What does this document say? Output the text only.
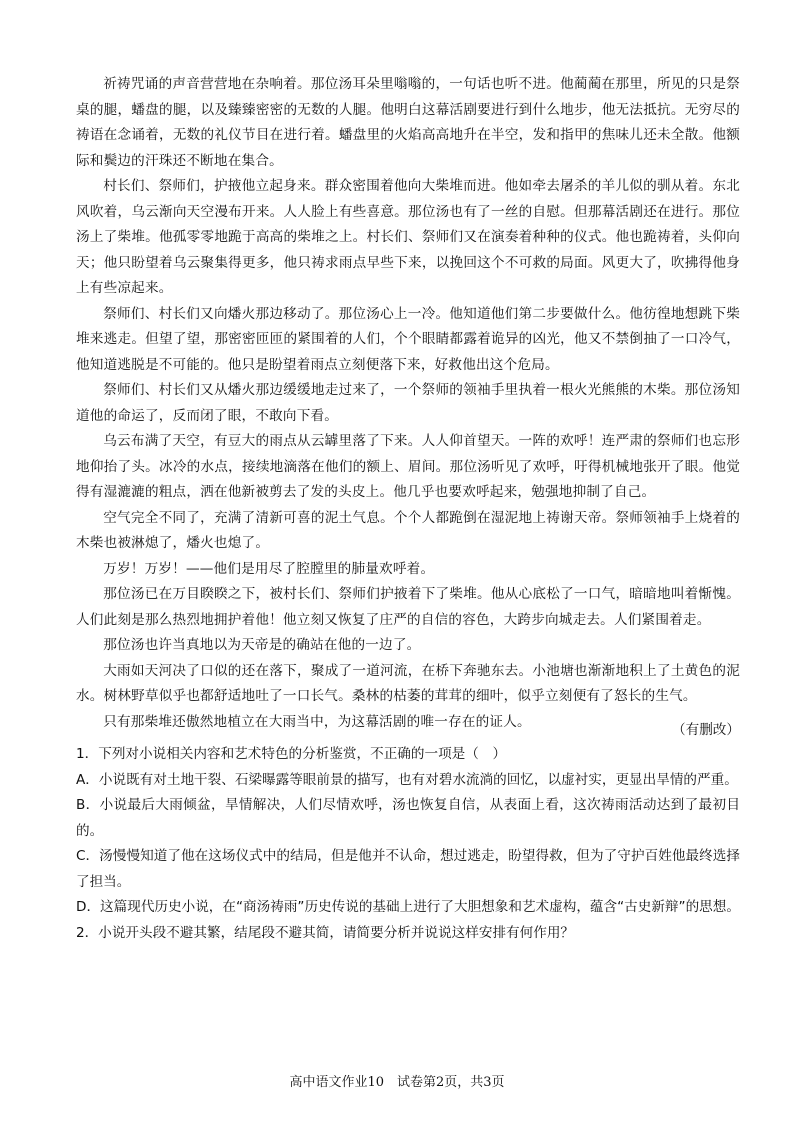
祈祷咒诵的声音营营地在杂响着。那位汤耳朵里嗡嗡的，一句话也听不进。他蔺蔺在那里，所见的只是祭桌的腿，蟠盘的腿，以及臻臻密密的无数的人腿。他明白这幕活剧要进行到什么地步，他无法抵抗。无穷尽的祷语在念诵着，无数的礼仪节目在进行着。蟠盘里的火焰高高地升在半空，发和指甲的焦味儿还未全散。他额际和鬓边的汗珠还不断地在集合。

村长们、祭师们，护掖他立起身来。群众密围着他向大柴堆而进。他如牵去屠杀的羊儿似的驯从着。东北风吹着，乌云渐向天空漫布开来。人人脸上有些喜意。那位汤也有了一丝的自慰。但那幕活剧还在进行。那位汤上了柴堆。他孤零零地跪于高高的柴堆之上。村长们、祭师们又在演奏着种种的仪式。他也跪祷着，头仰向天；他只盼望着乌云聚集得更多，他只祷求雨点早些下来，以挽回这个不可救的局面。风更大了，吹拂得他身上有些凉起来。

祭师们、村长们又向燔火那边移动了。那位汤心上一冷。他知道他们第二步要做什么。他彷徨地想跳下柴堆来逃走。但望了望，那密密匝匝的紧围着的人们，个个眼睛都露着诡异的凶光，他又不禁倒抽了一口冷气，他知道逃脱是不可能的。他只是盼望着雨点立刻便落下来，好救他出这个危局。

祭师们、村长们又从燔火那边缓缓地走过来了，一个祭师的领袖手里执着一根火光熊熊的木柴。那位汤知道他的命运了，反而闭了眼，不敢向下看。

乌云布满了天空，有豆大的雨点从云罅里落了下来。人人仰首望天。一阵的欢呼！连严肃的祭师们也忘形地仰抬了头。冰冷的水点，接续地滴落在他们的额上、眉间。那位汤听见了欢呼，吁得机械地张开了眼。他觉得有湿漉漉的粗点，洒在他新被剪去了发的头皮上。他几乎也要欢呼起来，勉强地抑制了自己。

空气完全不同了，充满了清新可喜的泥土气息。个个人都跪倒在湿泥地上祷谢天帝。祭师领袖手上烧着的木柴也被淋熄了，燔火也熄了。

万岁！万岁！——他们是用尽了腔膛里的肺量欢呼着。

那位汤已在万目睽睽之下，被村长们、祭师们护掖着下了柴堆。他从心底松了一口气，暗暗地叫着惭愧。人们此刻是那么热烈地拥护着他！他立刻又恢复了庄严的自信的容色，大跨步向城走去。人们紧围着走。

那位汤也许当真地以为天帝是的确站在他的一边了。

大雨如天河决了口似的还在落下，聚成了一道河流，在桥下奔驰东去。小池塘也渐渐地积上了土黄色的泥水。树林野草似乎也都舒适地吐了一口长气。桑林的枯萎的茸茸的细叶，似乎立刻便有了怒长的生气。

只有那柴堆还傲然地植立在大雨当中，为这幕活剧的唯一存在的证人。

（有删改）

1．下列对小说相关内容和艺术特色的分析鉴赏，不正确的一项是（　）

A．小说既有对土地干裂、石梁曝露等眼前景的描写，也有对碧水流淌的回忆，以虚衬实，更显出旱情的严重。

B．小说最后大雨倾盆，旱情解决，人们尽情欢呼，汤也恢复自信，从表面上看，这次祷雨活动达到了最初目的。

C．汤慢慢知道了他在这场仪式中的结局，但是他并不认命，想过逃走，盼望得救，但为了守护百姓他最终选择了担当。

D．这篇现代历史小说，在“商汤祷雨”历史传说的基础上进行了大胆想象和艺术虚构，蕴含“古史新辩”的思想。

2．小说开头段不避其繁，结尾段不避其简，请简要分析并说说这样安排有何作用？

高中语文作业10　试卷第2页，共3页
